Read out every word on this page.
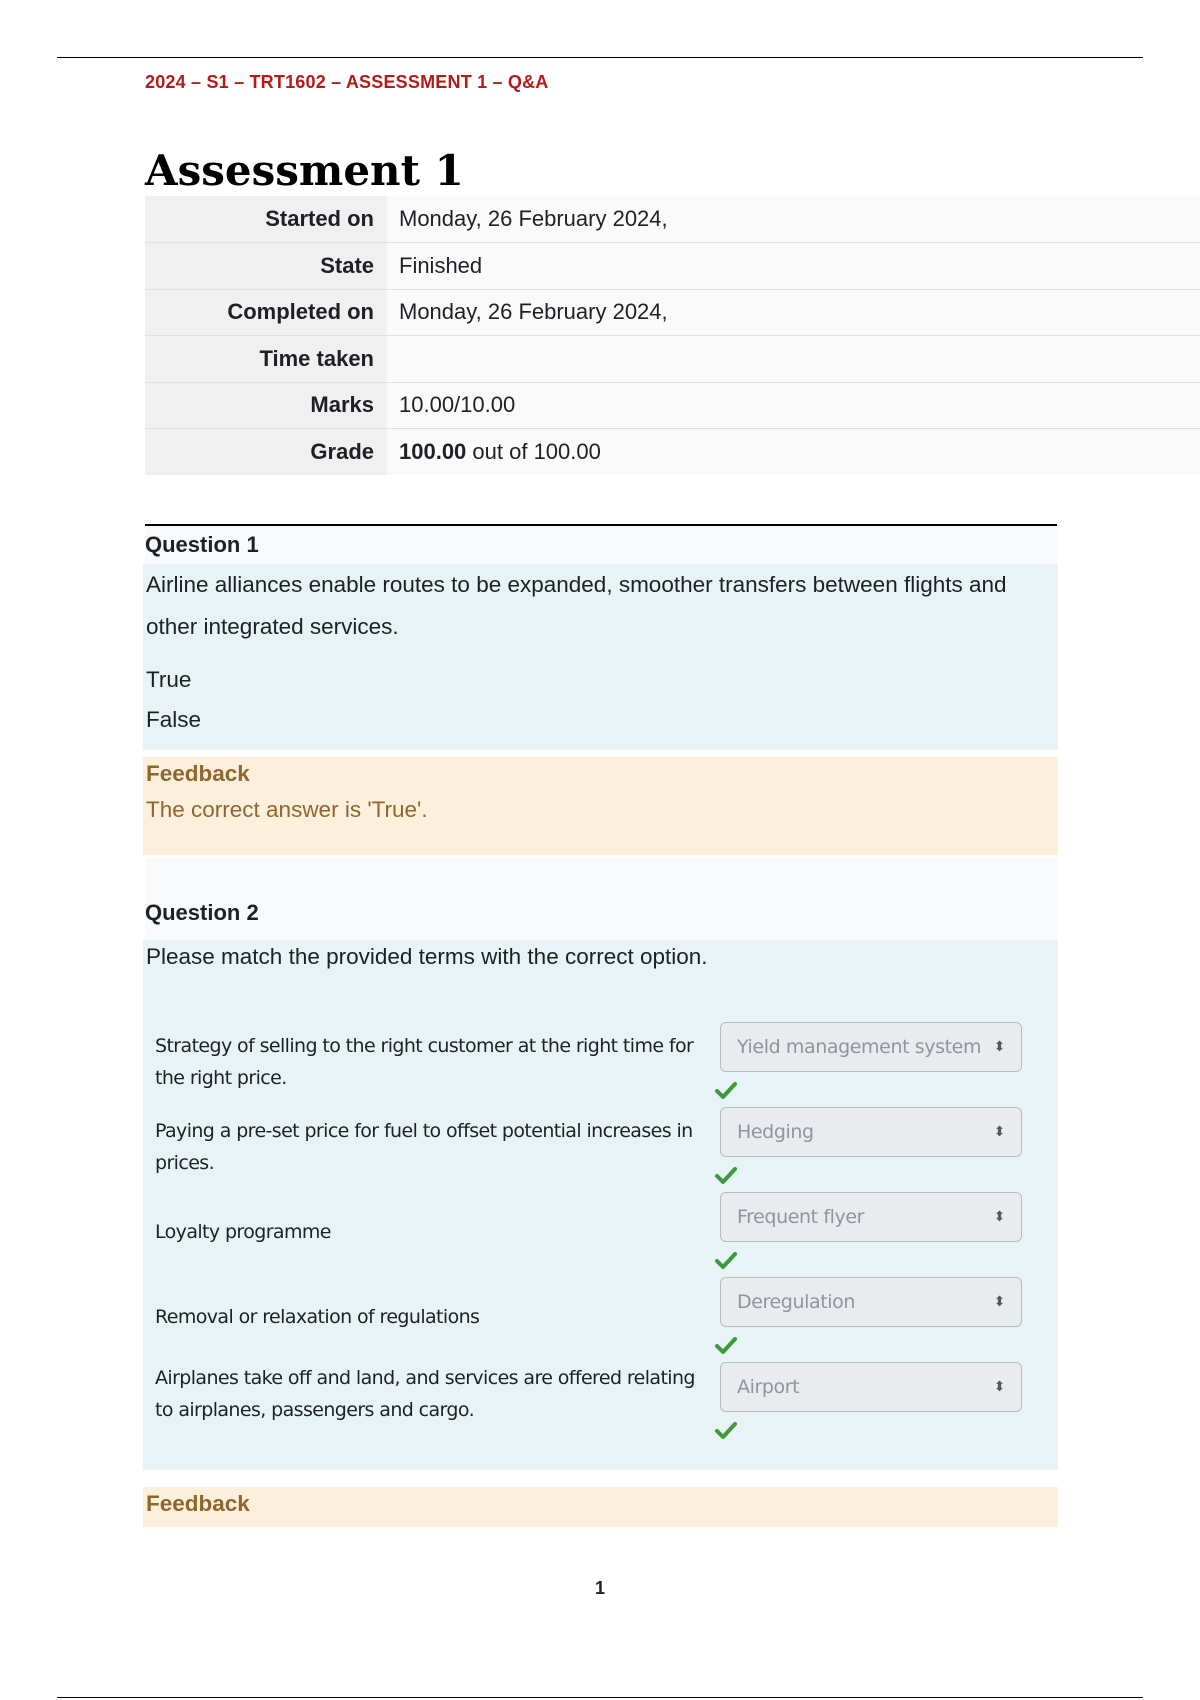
2024 – S1 – TRT1602 – ASSESSMENT 1 – Q&A
Assessment 1
Started on	Monday, 26 February 2024,
State	Finished
Completed on	Monday, 26 February 2024,
Time taken	
Marks	10.00/10.00
Grade	100.00 out of 100.00
Question 1
Airline alliances enable routes to be expanded, smoother transfers between flights and other integrated services.
True
False
Feedback
The correct answer is 'True'.
Question 2
Please match the provided terms with the correct option.
Strategy of selling to the right customer at the right time for the right price.
Yield management system ⬍
Paying a pre-set price for fuel to offset potential increases in prices.
Hedging	⬍
Loyalty programme
Frequent flyer	⬍
Removal or relaxation of regulations
Deregulation	⬍
Airplanes take off and land, and services are offered relating to airplanes, passengers and cargo.
Airport	⬍
Feedback
1
